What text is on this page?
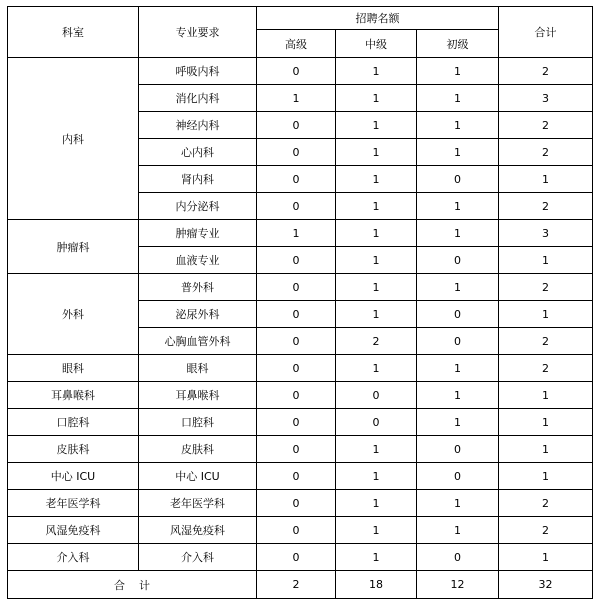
科室	专业要求	招聘名额			合计
		高级	中级	初级	
内科	呼吸内科	0	1	1	2
	消化内科	1	1	1	3
	神经内科	0	1	1	2
	心内科	0	1	1	2
	肾内科	0	1	0	1
	内分泌科	0	1	1	2
肿瘤科	肿瘤专业	1	1	1	3
	血液专业	0	1	0	1
外科	普外科	0	1	1	2
	泌尿外科	0	1	0	1
	心胸血管外科	0	2	0	2
眼科	眼科	0	1	1	2
耳鼻喉科	耳鼻喉科	0	0	1	1
口腔科	口腔科	0	0	1	1
皮肤科	皮肤科	0	1	0	1
中心 ICU	中心 ICU	0	1	0	1
老年医学科	老年医学科	0	1	1	2
风湿免疫科	风湿免疫科	0	1	1	2
介入科	介入科	0	1	0	1
合    计		2	18	12	32
